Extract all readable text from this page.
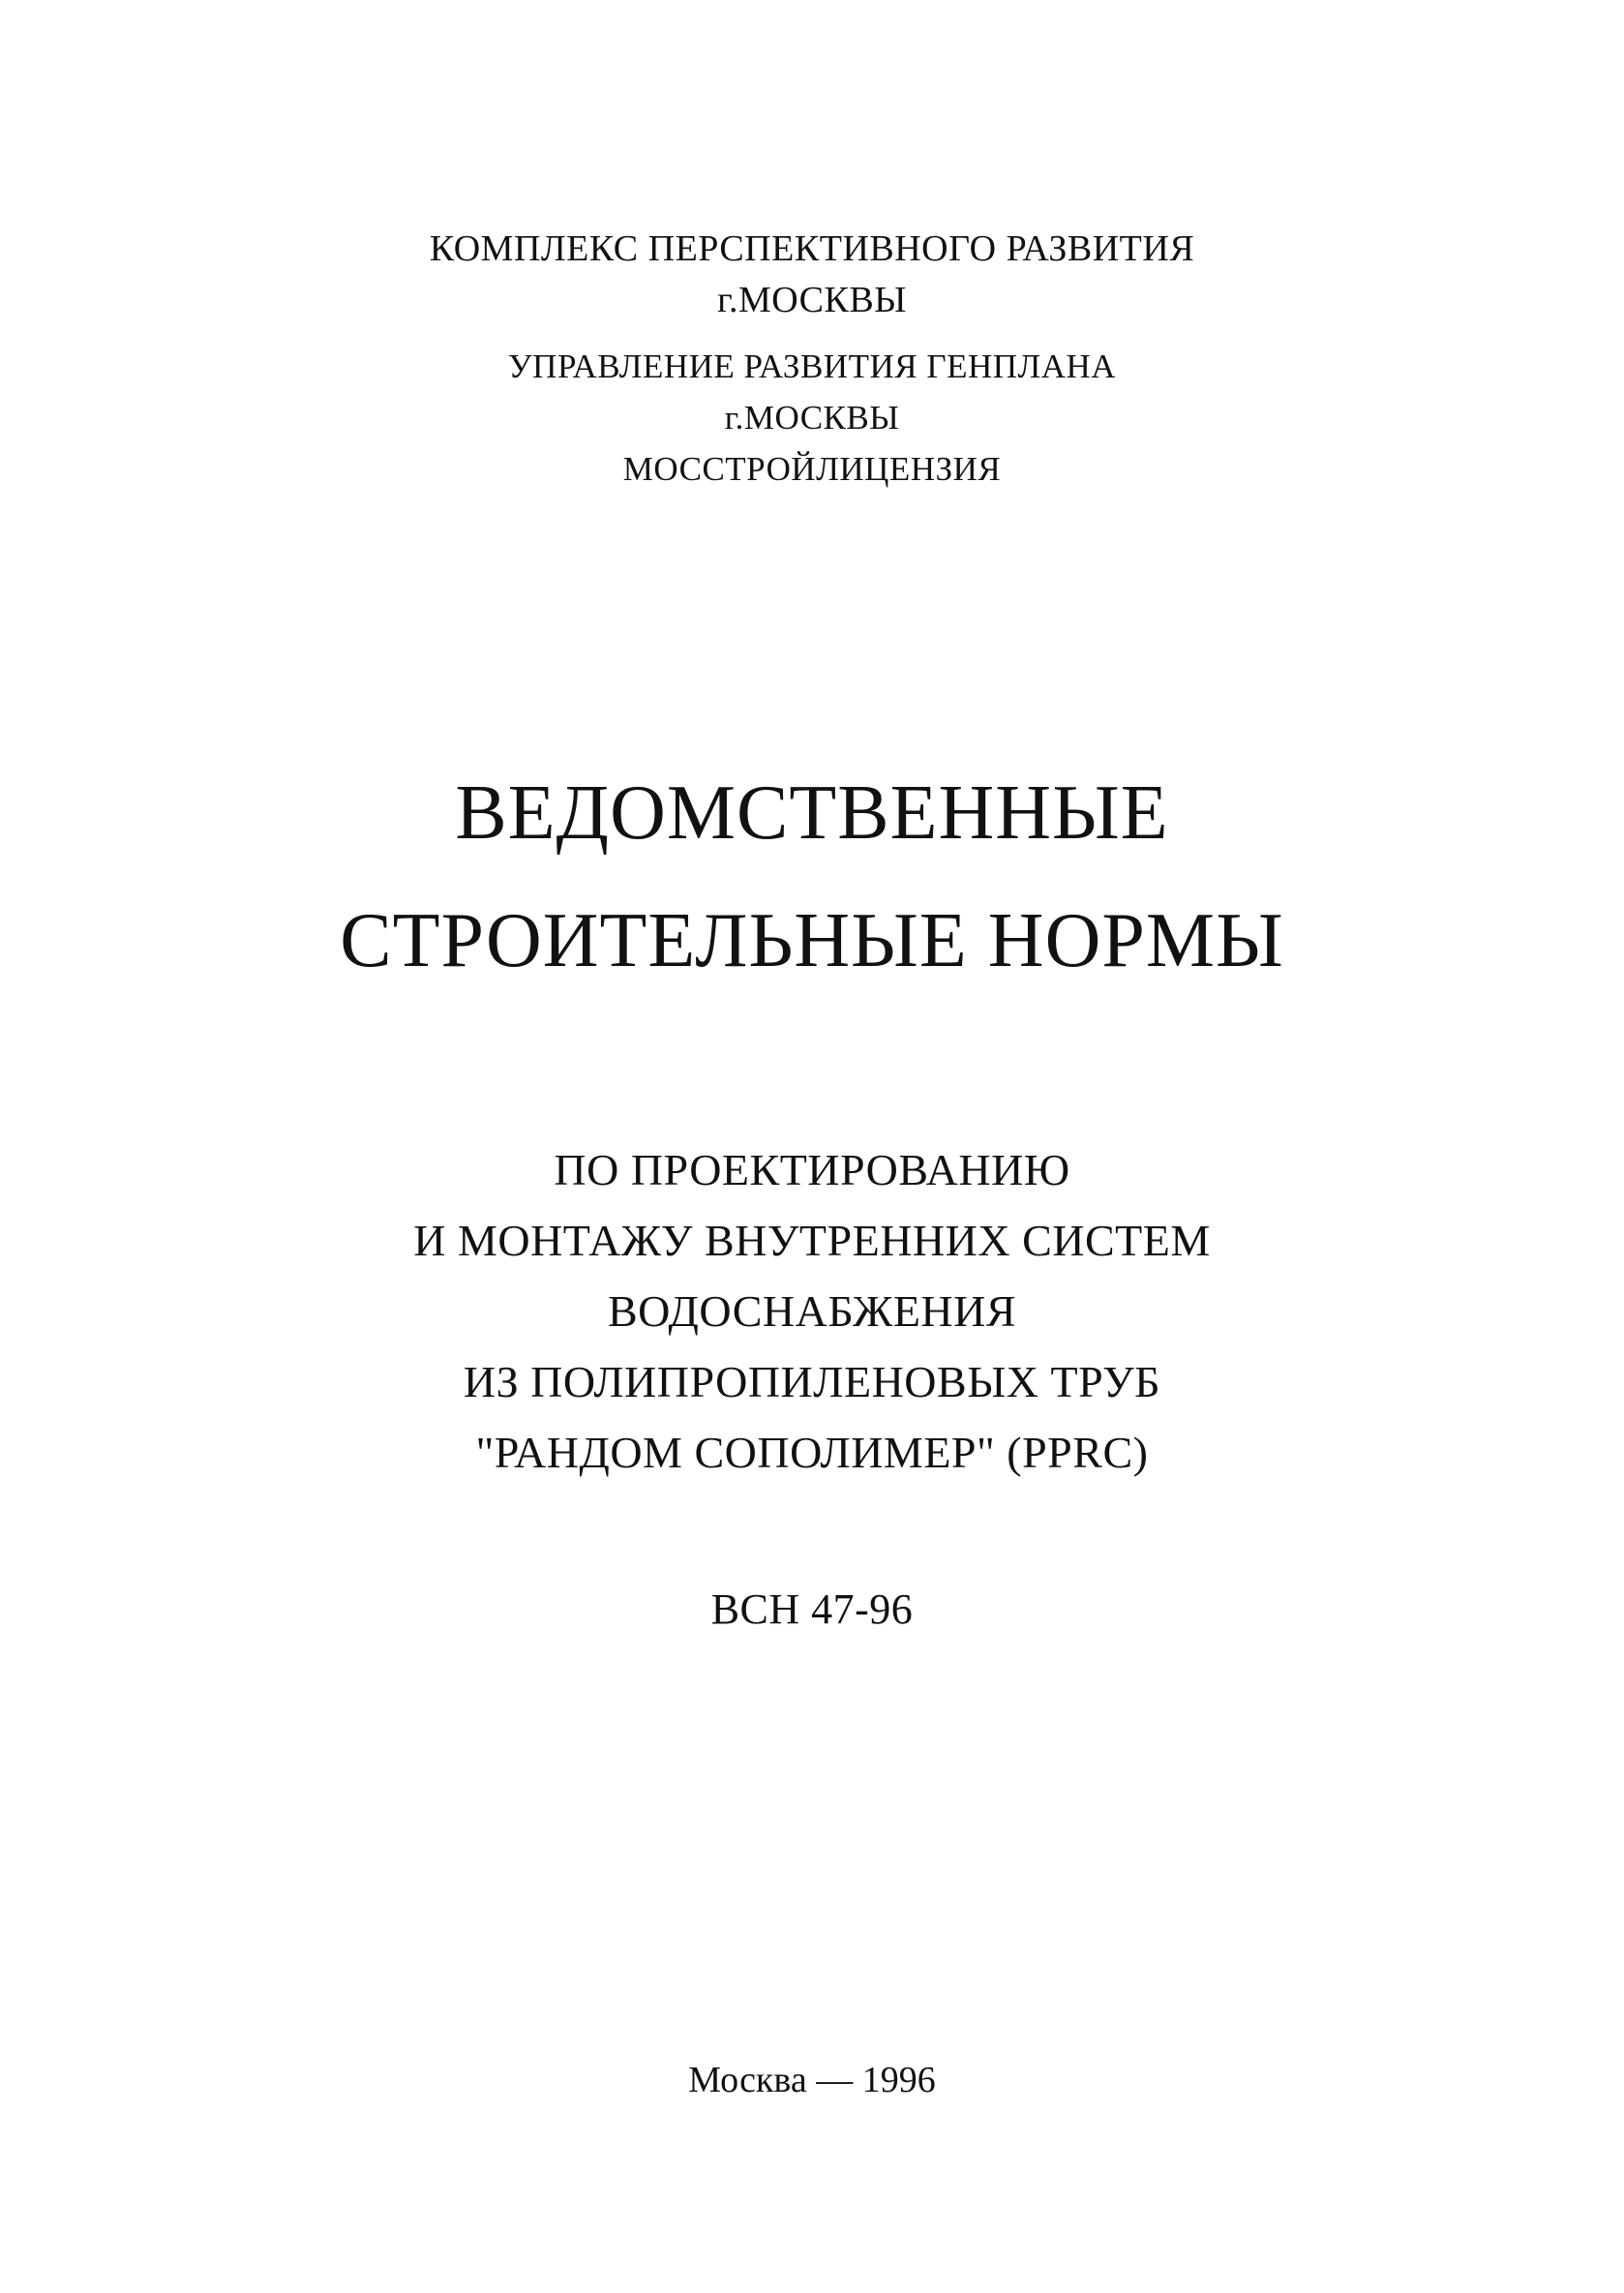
КОМПЛЕКС ПЕРСПЕКТИВНОГО РАЗВИТИЯ
г.МОСКВЫ
УПРАВЛЕНИЕ РАЗВИТИЯ ГЕНПЛАНА
г.МОСКВЫ
МОССТРОЙЛИЦЕНЗИЯ
ВЕДОМСТВЕННЫЕ
СТРОИТЕЛЬНЫЕ НОРМЫ
ПО ПРОЕКТИРОВАНИЮ
И МОНТАЖУ ВНУТРЕННИХ СИСТЕМ
ВОДОСНАБЖЕНИЯ
ИЗ ПОЛИПРОПИЛЕНОВЫХ ТРУБ
"РАНДОМ СОПОЛИМЕР" (PPRC)
ВСН 47-96
Москва — 1996
